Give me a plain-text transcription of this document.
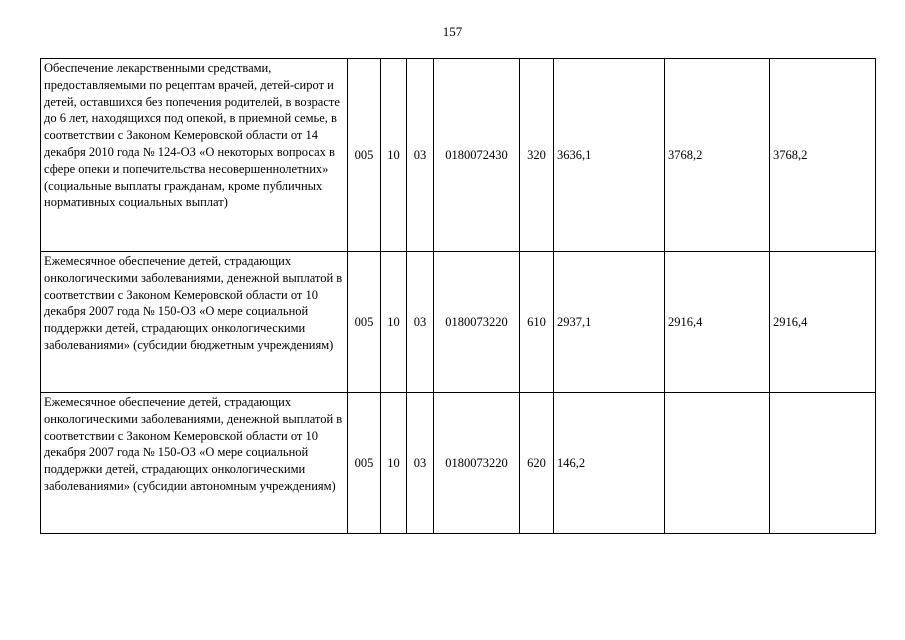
157
Обеспечение лекарственными средствами, предоставляемыми по рецептам врачей, детей-сирот и детей, оставшихся без попечения родителей, в возрасте до 6 лет, находящихся под опекой, в приемной семье, в соответствии с Законом Кемеровской области от 14 декабря 2010 года № 124-ОЗ «О некоторых вопросах в сфере опеки и попечительства несовершеннолетних» (социальные выплаты гражданам, кроме публичных нормативных социальных выплат)	005	10	03	0180072430	320	3636,1	3768,2	3768,2
Ежемесячное обеспечение детей, страдающих онкологическими заболеваниями, денежной выплатой в соответствии с Законом Кемеровской области от 10 декабря 2007 года № 150-ОЗ «О мере социальной поддержки детей, страдающих онкологическими заболеваниями» (субсидии бюджетным учреждениям)	005	10	03	0180073220	610	2937,1	2916,4	2916,4
Ежемесячное обеспечение детей, страдающих онкологическими заболеваниями, денежной выплатой в соответствии с Законом Кемеровской области от 10 декабря 2007 года № 150-ОЗ «О мере социальной поддержки детей, страдающих онкологическими заболеваниями» (субсидии автономным учреждениям)	005	10	03	0180073220	620	146,2		
